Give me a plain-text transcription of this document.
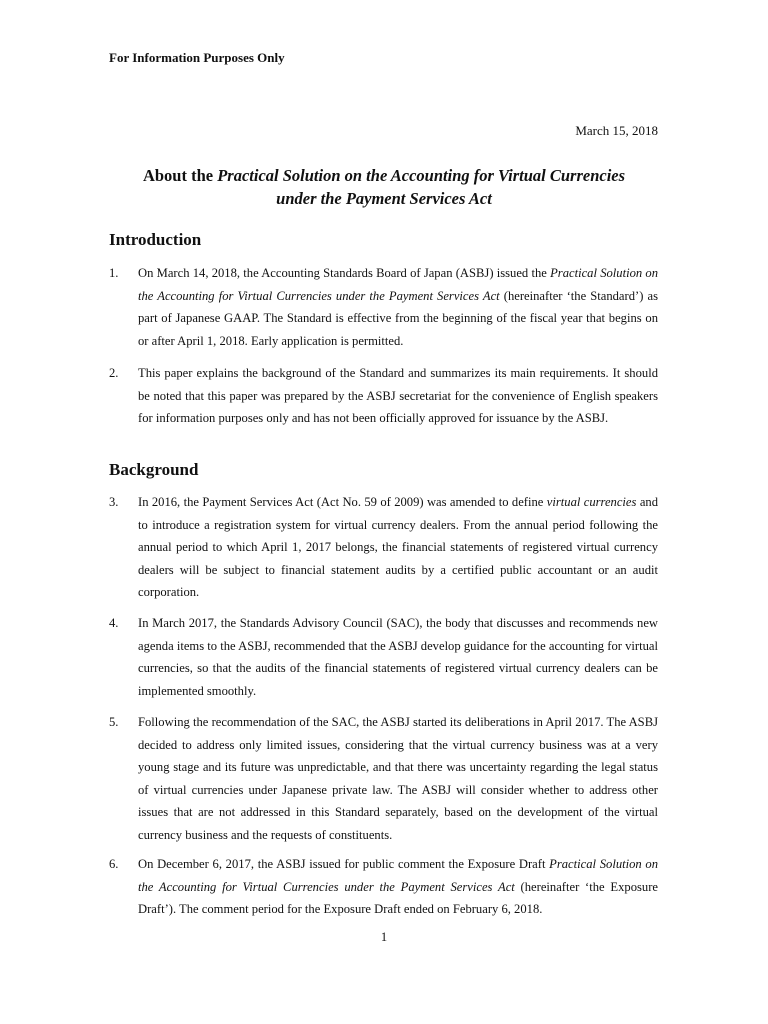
For Information Purposes Only

March 15, 2018

About the Practical Solution on the Accounting for Virtual Currencies
under the Payment Services Act
Introduction
1. On March 14, 2018, the Accounting Standards Board of Japan (ASBJ) issued the Practical Solution on the Accounting for Virtual Currencies under the Payment Services Act (hereinafter ‘the Standard’) as part of Japanese GAAP. The Standard is effective from the beginning of the fiscal year that begins on or after April 1, 2018. Early application is permitted.
2. This paper explains the background of the Standard and summarizes its main requirements. It should be noted that this paper was prepared by the ASBJ secretariat for the convenience of English speakers for information purposes only and has not been officially approved for issuance by the ASBJ.
Background
3. In 2016, the Payment Services Act (Act No. 59 of 2009) was amended to define virtual currencies and to introduce a registration system for virtual currency dealers. From the annual period following the annual period to which April 1, 2017 belongs, the financial statements of registered virtual currency dealers will be subject to financial statement audits by a certified public accountant or an audit corporation.
4. In March 2017, the Standards Advisory Council (SAC), the body that discusses and recommends new agenda items to the ASBJ, recommended that the ASBJ develop guidance for the accounting for virtual currencies, so that the audits of the financial statements of registered virtual currency dealers can be implemented smoothly.
5. Following the recommendation of the SAC, the ASBJ started its deliberations in April 2017. The ASBJ decided to address only limited issues, considering that the virtual currency business was at a very young stage and its future was unpredictable, and that there was uncertainty regarding the legal status of virtual currencies under Japanese private law. The ASBJ will consider whether to address other issues that are not addressed in this Standard separately, based on the development of the virtual currency business and the requests of constituents.
6. On December 6, 2017, the ASBJ issued for public comment the Exposure Draft Practical Solution on the Accounting for Virtual Currencies under the Payment Services Act (hereinafter ‘the Exposure Draft’). The comment period for the Exposure Draft ended on February 6, 2018.

1
